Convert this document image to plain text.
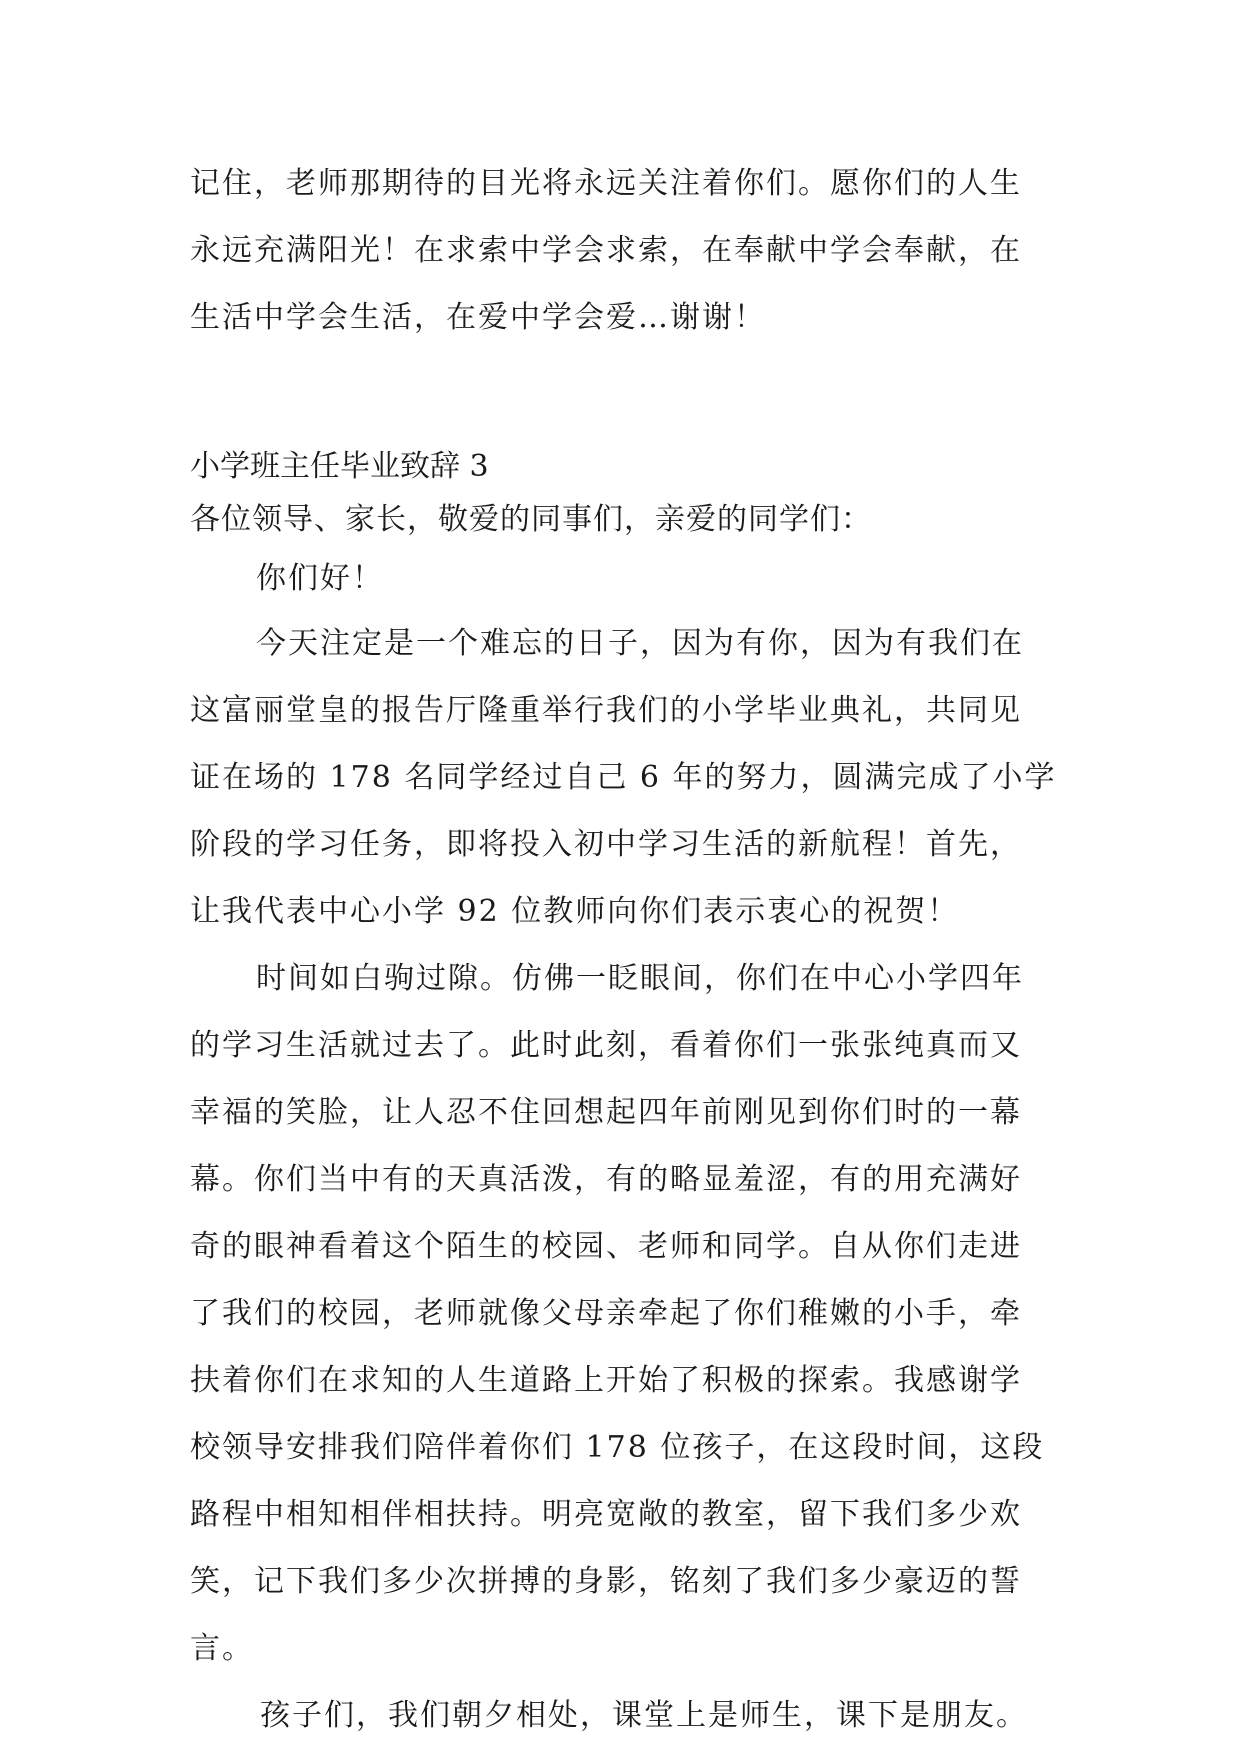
记住，老师那期待的目光将永远关注着你们。愿你们的人生
永远充满阳光！在求索中学会求索，在奉献中学会奉献，在
生活中学会生活，在爱中学会爱…谢谢！
小学班主任毕业致辞 3
各位领导、家长，敬爱的同事们，亲爱的同学们：
你们好！
今天注定是一个难忘的日子，因为有你，因为有我们在
这富丽堂皇的报告厅隆重举行我们的小学毕业典礼，共同见
证在场的 178 名同学经过自己 6 年的努力，圆满完成了小学
阶段的学习任务，即将投入初中学习生活的新航程！首先，
让我代表中心小学 92 位教师向你们表示衷心的祝贺！
时间如白驹过隙。仿佛一眨眼间，你们在中心小学四年
的学习生活就过去了。此时此刻，看着你们一张张纯真而又
幸福的笑脸，让人忍不住回想起四年前刚见到你们时的一幕
幕。你们当中有的天真活泼，有的略显羞涩，有的用充满好
奇的眼神看着这个陌生的校园、老师和同学。自从你们走进
了我们的校园，老师就像父母亲牵起了你们稚嫩的小手，牵
扶着你们在求知的人生道路上开始了积极的探索。我感谢学
校领导安排我们陪伴着你们 178 位孩子，在这段时间，这段
路程中相知相伴相扶持。明亮宽敞的教室，留下我们多少欢
笑，记下我们多少次拼搏的身影，铭刻了我们多少豪迈的誓
言。
孩子们，我们朝夕相处，课堂上是师生，课下是朋友。
